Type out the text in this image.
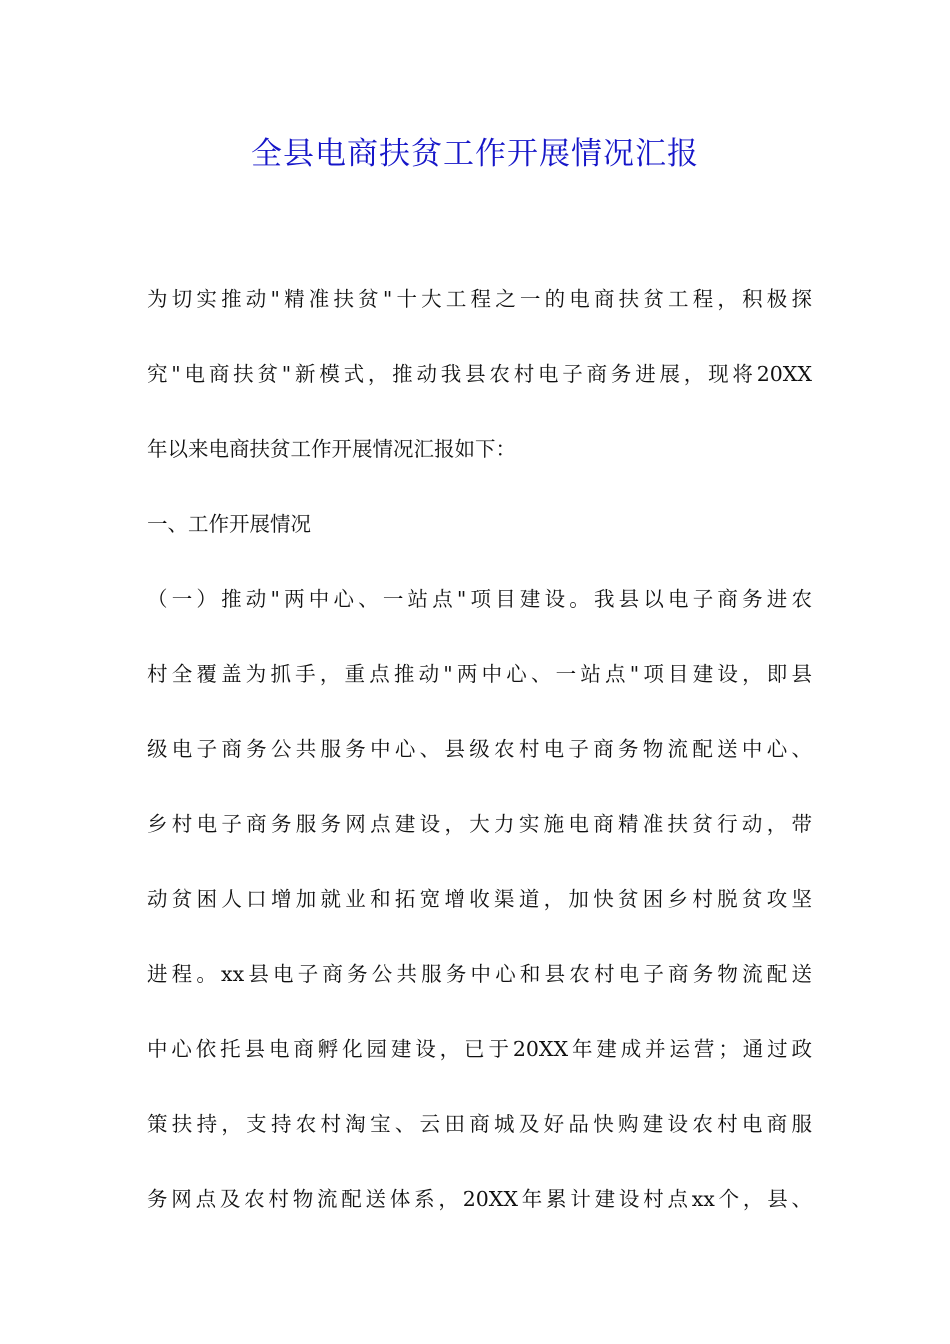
全县电商扶贫工作开展情况汇报
为切实推动"精准扶贫"十大工程之一的电商扶贫工程，积极探
究"电商扶贫"新模式，推动我县农村电子商务进展，现将20XX
年以来电商扶贫工作开展情况汇报如下：
一、工作开展情况
（一）推动"两中心、一站点"项目建设。我县以电子商务进农
村全覆盖为抓手，重点推动"两中心、一站点"项目建设，即县
级电子商务公共服务中心、县级农村电子商务物流配送中心、
乡村电子商务服务网点建设，大力实施电商精准扶贫行动，带
动贫困人口增加就业和拓宽增收渠道，加快贫困乡村脱贫攻坚
进程。xx县电子商务公共服务中心和县农村电子商务物流配送
中心依托县电商孵化园建设，已于20XX年建成并运营；通过政
策扶持，支持农村淘宝、云田商城及好品快购建设农村电商服
务网点及农村物流配送体系，20XX年累计建设村点xx个，县、
